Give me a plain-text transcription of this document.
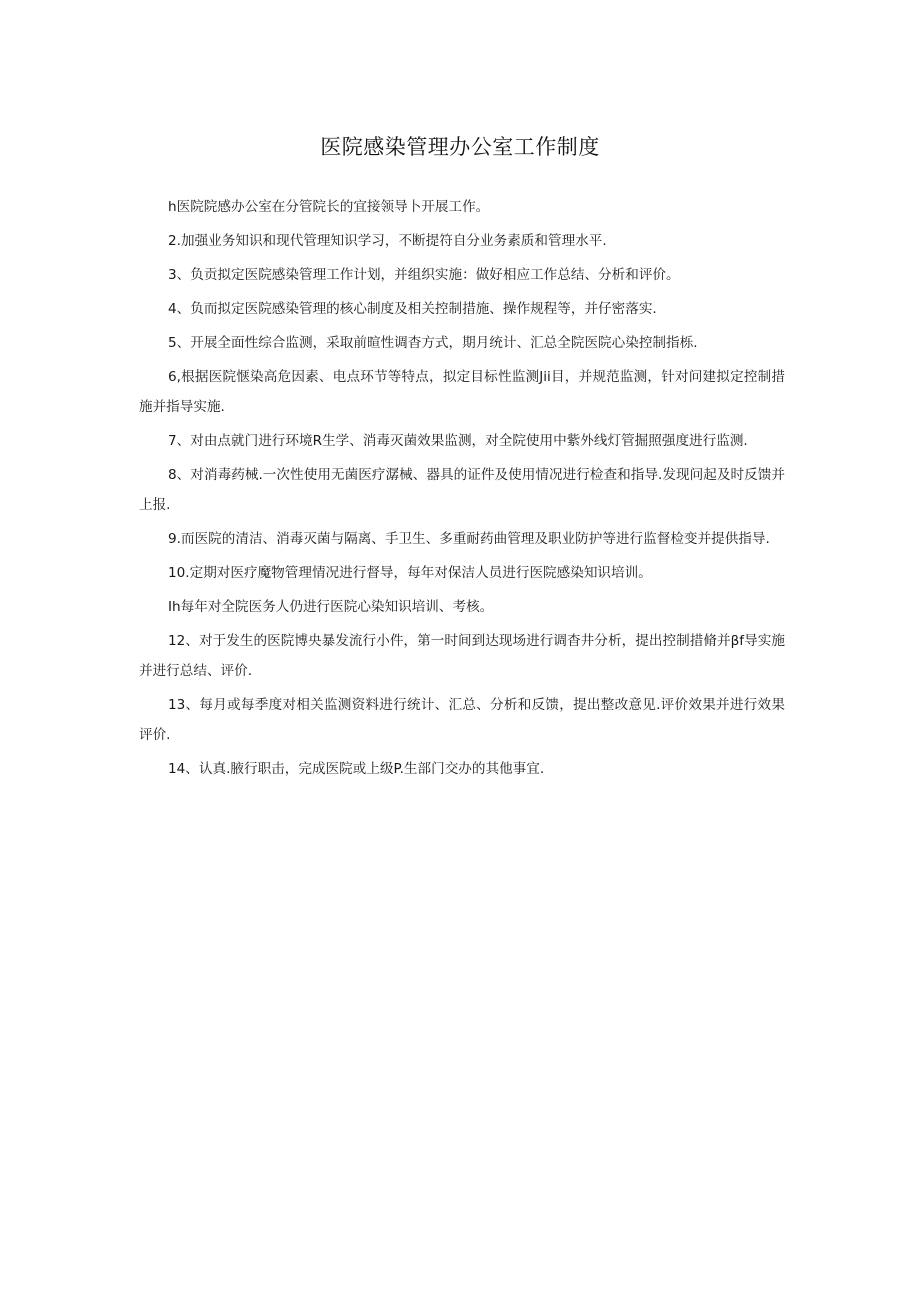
医院感染管理办公室工作制度

h医院院感办公室在分管院长的宜接领导卜开展工作。

2.加强业务知识和现代管理知识学习，不断提符自分业务素质和管理水平.

3、负贡拟定医院感染管理工作计划，并组织实施：做好相应工作总结、分析和评价。

4、负而拟定医院感染管理的核心制度及相关控制措施、操作规程等，并仔密落实.

5、开展全面性综合监测，采取前暄性调杳方式，期月统计、汇总全院医院心染控制指栎.

6,根据医院惬染高危因素、电点环节等特点，拟定目标性监测Jii目，并规范监测，针对问建拟定控制措施并指导实施.

7、对由点就门进行环境R生学、消毒灭菌效果监测，对全院使用中紫外线灯管掘照强度进行监测.

8、对消毒药械.一次性使用无菌医疗潺械、器具的证件及使用情况进行检查和指导.发现问起及时反馈并上报.

9.而医院的清洁、消毒灭菌与隔离、手卫生、多重耐药曲管理及职业防护等进行监督检变并提供指导.

10.定期对医疗魔物管理情况进行督导，每年对保洁人员进行医院感染知识培训。

Ih每年对全院医务人仍进行医院心染知识培训、考核。

12、对于发生的医院博央暴发流行小件，第一时间到达现场进行调杳井分析，提出控制措脩并βf导实施并进行总结、评价.

13、每月或每季度对相关监测资料进行统计、汇总、分析和反馈，提出整改意见.评价效果并进行效果评价.

14、认真.腋行职击，完成医院或上级P.生部门交办的其他事宜.
